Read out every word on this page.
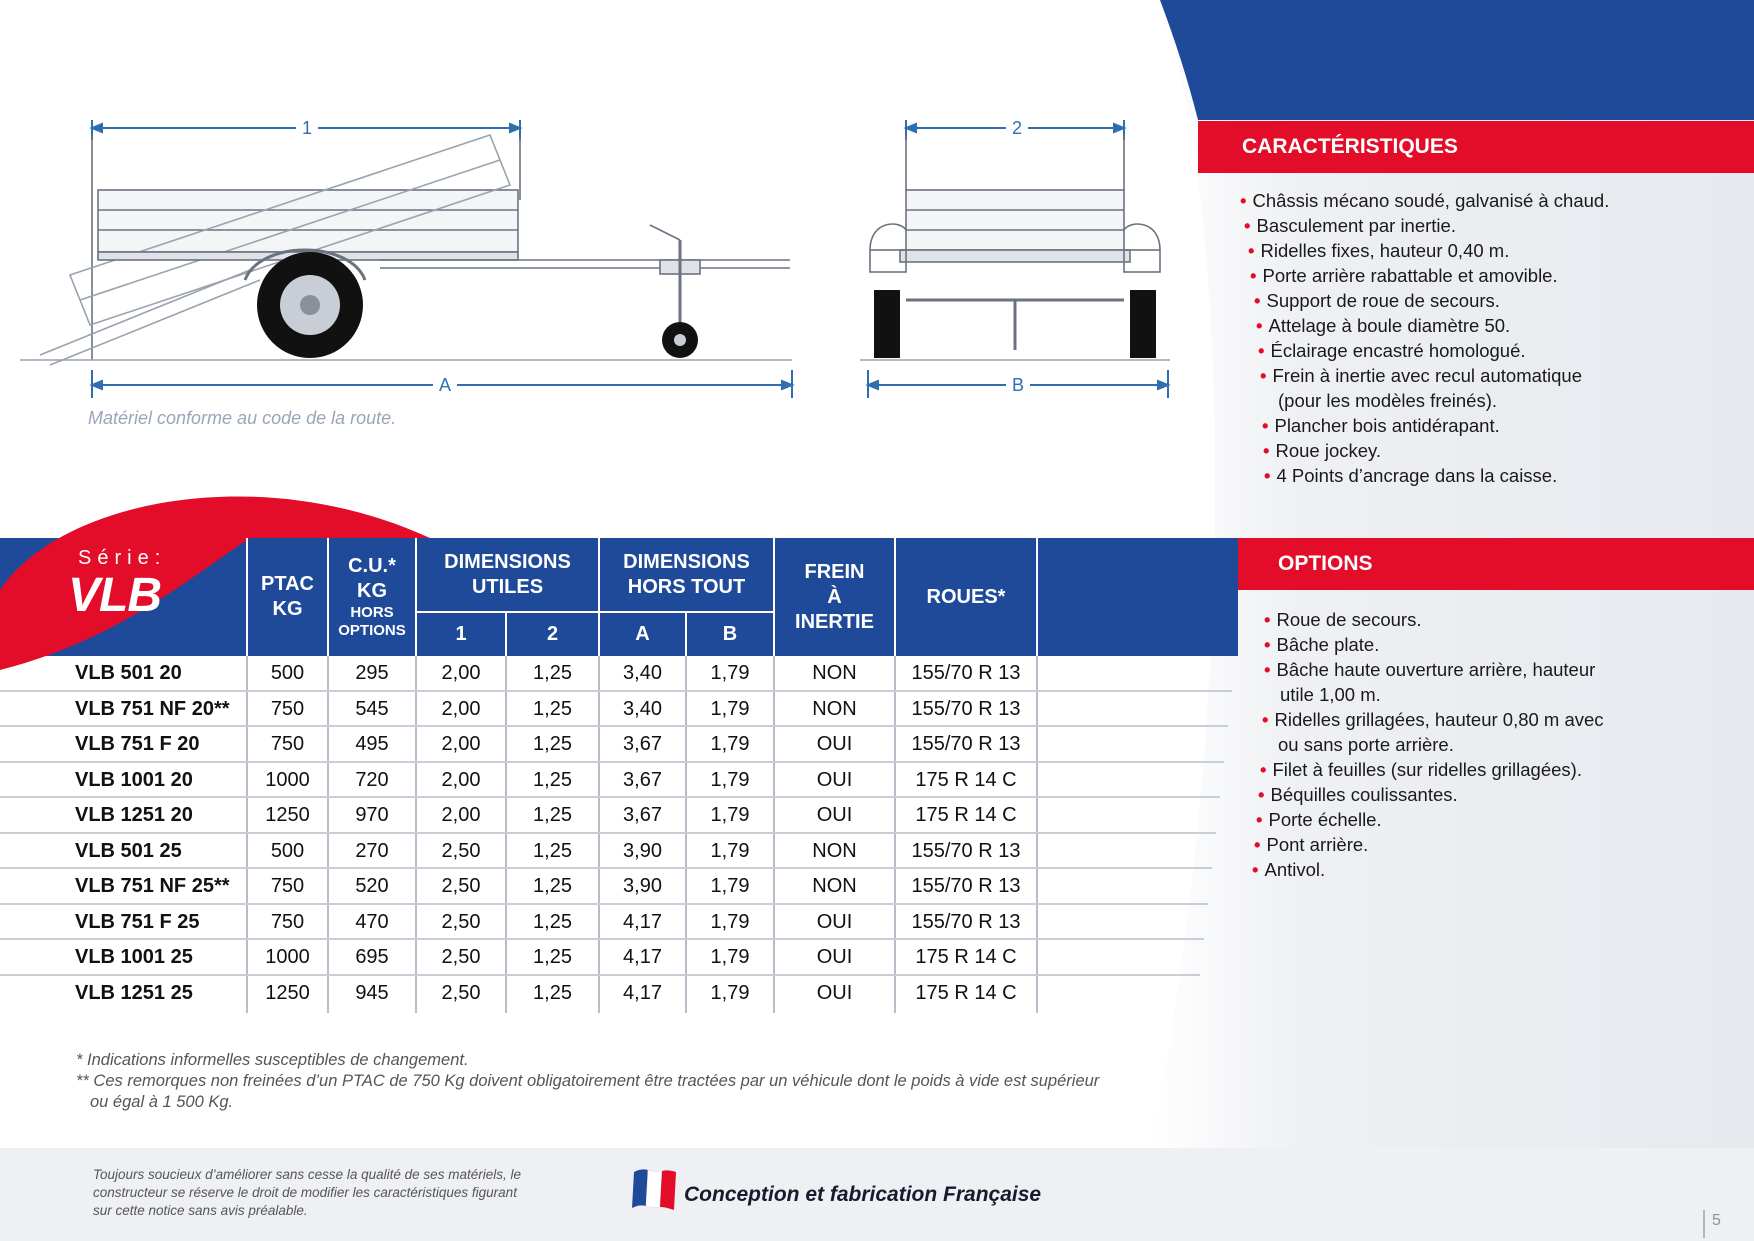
1
A
2
B
Matériel conforme au code de la route.
CARACTÉRISTIQUES
• Châssis mécano soudé, galvanisé à chaud.
• Basculement par inertie.
• Ridelles fixes, hauteur 0,40 m.
• Porte arrière rabattable et amovible.
• Support de roue de secours.
• Attelage à boule diamètre 50.
• Éclairage encastré homologué.
• Frein à inertie avec recul automatique
(pour les modèles freinés).
• Plancher bois antidérapant.
• Roue jockey.
• 4 Points d’ancrage dans la caisse.
OPTIONS
• Roue de secours.
• Bâche plate.
• Bâche haute ouverture arrière, hauteur
utile 1,00 m.
• Ridelles grillagées, hauteur 0,80 m avec
ou sans porte arrière.
• Filet à feuilles (sur ridelles grillagées).
• Béquilles coulissantes.
• Porte échelle.
• Pont arrière.
• Antivol.
Série:
VLB	PTAC
KG
C.U.*
KG
HORS
OPTIONS
DIMENSIONS
UTILES
DIMENSIONS
HORS TOUT
1	2	A	B
FREIN
À
INERTIE
ROUES*
VLB 501 20	500	295	2,00	1,25	3,40	1,79	NON	155/70 R 13
VLB 751 NF 20**	750	545	2,00	1,25	3,40	1,79	NON	155/70 R 13
VLB 751 F 20	750	495	2,00	1,25	3,67	1,79	OUI	155/70 R 13
VLB 1001 20	1000	720	2,00	1,25	3,67	1,79	OUI	175 R 14 C
VLB 1251 20	1250	970	2,00	1,25	3,67	1,79	OUI	175 R 14 C
VLB 501 25	500	270	2,50	1,25	3,90	1,79	NON	155/70 R 13
VLB 751 NF 25**	750	520	2,50	1,25	3,90	1,79	NON	155/70 R 13
VLB 751 F 25	750	470	2,50	1,25	4,17	1,79	OUI	155/70 R 13
VLB 1001 25	1000	695	2,50	1,25	4,17	1,79	OUI	175 R 14 C
VLB 1251 25	1250	945	2,50	1,25	4,17	1,79	OUI	175 R 14 C
* Indications informelles susceptibles de changement.
** Ces remorques non freinées d’un PTAC de 750 Kg doivent obligatoirement être tractées par un véhicule dont le poids à vide est supérieur ou égal à 1 500 Kg.
Toujours soucieux d’améliorer sans cesse la qualité de ses matériels, le constructeur se réserve le droit de modifier les caractéristiques figurant sur cette notice sans avis préalable.
Conception et fabrication Française
5
